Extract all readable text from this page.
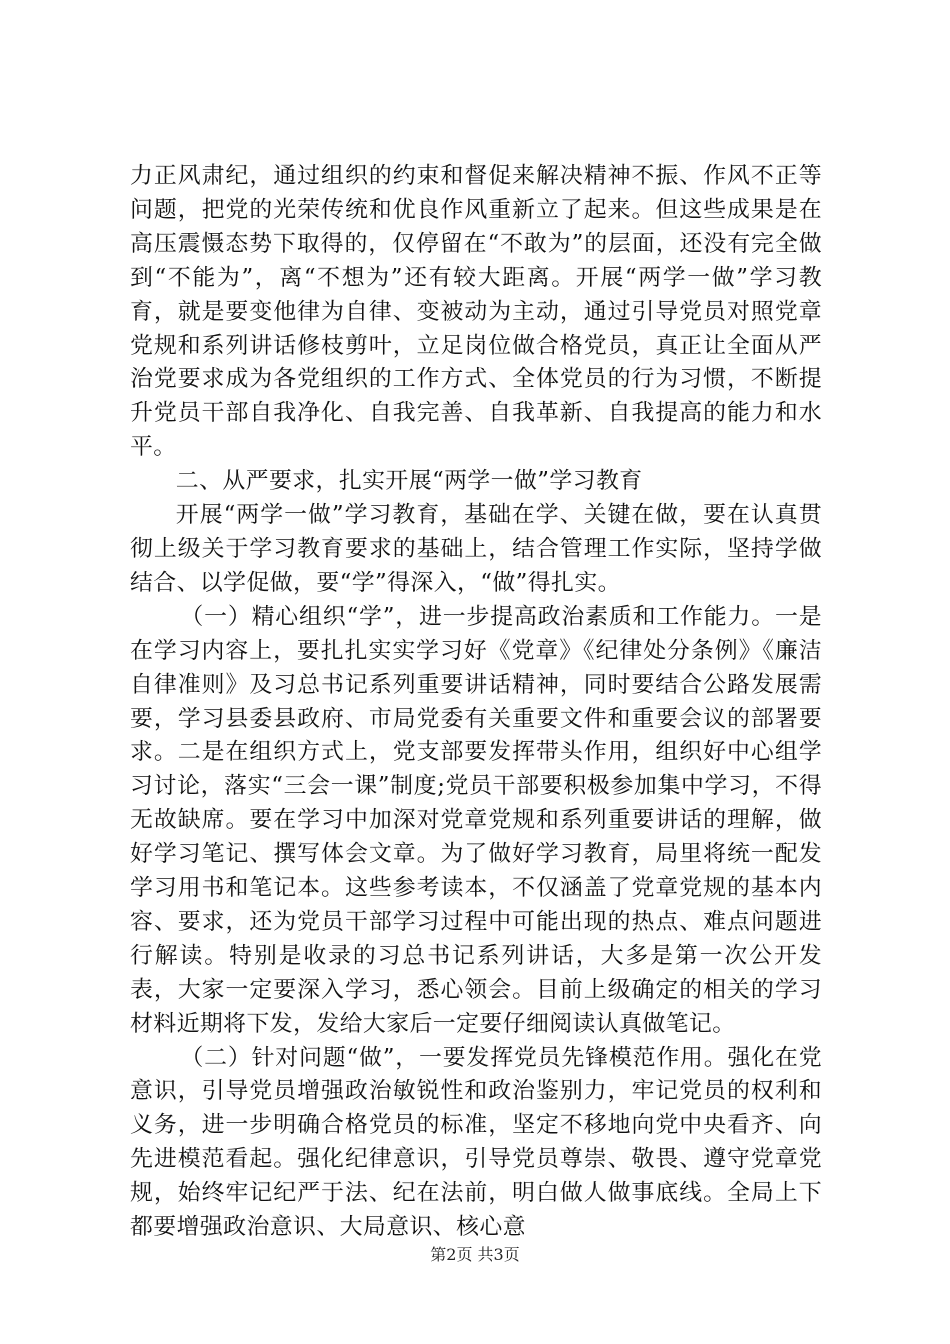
力正风肃纪，通过组织的约束和督促来解决精神不振、作风不正等问题，把党的光荣传统和优良作风重新立了起来。但这些成果是在高压震慑态势下取得的，仅停留在“不敢为”的层面，还没有完全做到“不能为”，离“不想为”还有较大距离。开展“两学一做”学习教育，就是要变他律为自律、变被动为主动，通过引导党员对照党章党规和系列讲话修枝剪叶，立足岗位做合格党员，真正让全面从严治党要求成为各党组织的工作方式、全体党员的行为习惯，不断提升党员干部自我净化、自我完善、自我革新、自我提高的能力和水平。

二、从严要求，扎实开展“两学一做”学习教育

开展“两学一做”学习教育，基础在学、关键在做，要在认真贯彻上级关于学习教育要求的基础上，结合管理工作实际，坚持学做结合、以学促做，要“学”得深入，“做”得扎实。

（一）精心组织“学”，进一步提高政治素质和工作能力。一是在学习内容上，要扎扎实实学习好《党章》《纪律处分条例》《廉洁自律准则》及习总书记系列重要讲话精神，同时要结合公路发展需要，学习县委县政府、市局党委有关重要文件和重要会议的部署要求。二是在组织方式上，党支部要发挥带头作用，组织好中心组学习讨论，落实“三会一课”制度;党员干部要积极参加集中学习，不得无故缺席。要在学习中加深对党章党规和系列重要讲话的理解，做好学习笔记、撰写体会文章。为了做好学习教育，局里将统一配发学习用书和笔记本。这些参考读本，不仅涵盖了党章党规的基本内容、要求，还为党员干部学习过程中可能出现的热点、难点问题进行解读。特别是收录的习总书记系列讲话，大多是第一次公开发表，大家一定要深入学习，悉心领会。目前上级确定的相关的学习材料近期将下发，发给大家后一定要仔细阅读认真做笔记。

（二）针对问题“做”，一要发挥党员先锋模范作用。强化在党意识，引导党员增强政治敏锐性和政治鉴别力，牢记党员的权利和义务，进一步明确合格党员的标准，坚定不移地向党中央看齐、向先进模范看起。强化纪律意识，引导党员尊崇、敬畏、遵守党章党规，始终牢记纪严于法、纪在法前，明白做人做事底线。全局上下都要增强政治意识、大局意识、核心意

第2页 共3页
